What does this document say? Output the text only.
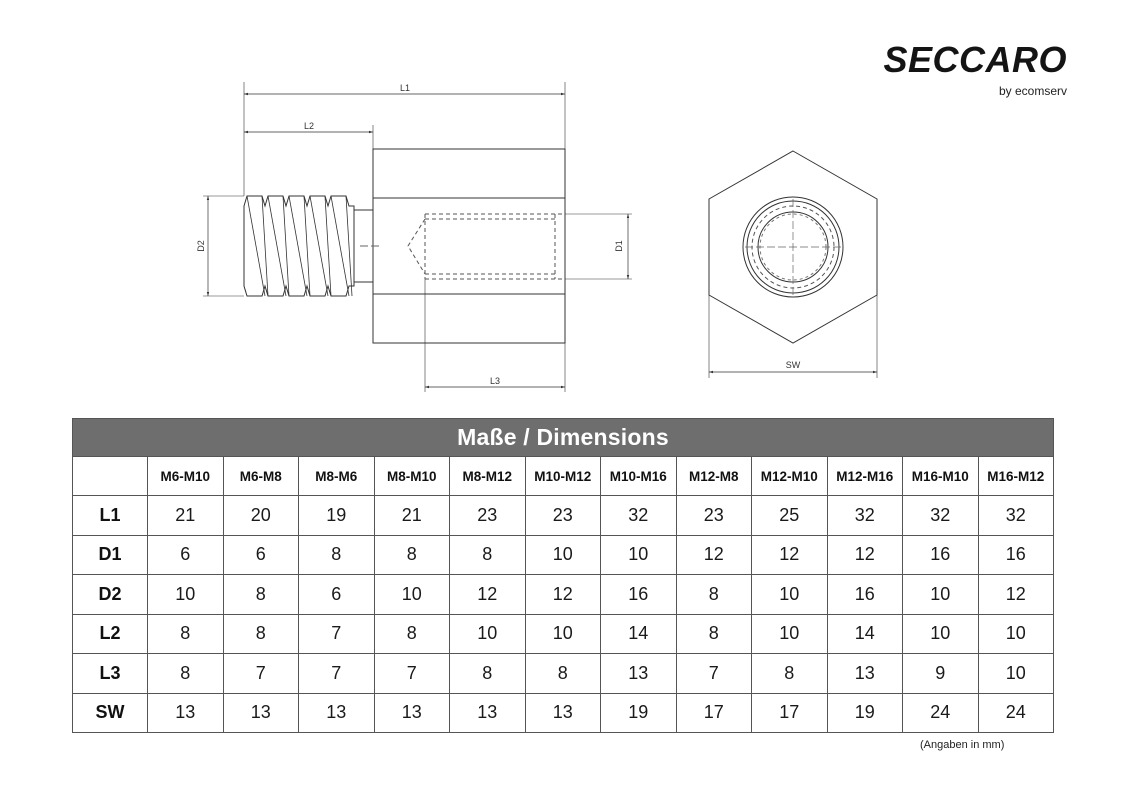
SECCARO
by ecomserv
L1
L2
L3
D1
D2
SW
Maße / Dimensions												
	M6-M10	M6-M8	M8-M6	M8-M10	M8-M12	M10-M12	M10-M16	M12-M8	M12-M10	M12-M16	M16-M10	M16-M12
L1	21	20	19	21	23	23	32	23	25	32	32	32
D1	6	6	8	8	8	10	10	12	12	12	16	16
D2	10	8	6	10	12	12	16	8	10	16	10	12
L2	8	8	7	8	10	10	14	8	10	14	10	10
L3	8	7	7	7	8	8	13	7	8	13	9	10
SW	13	13	13	13	13	13	19	17	17	19	24	24
(Angaben in mm)
